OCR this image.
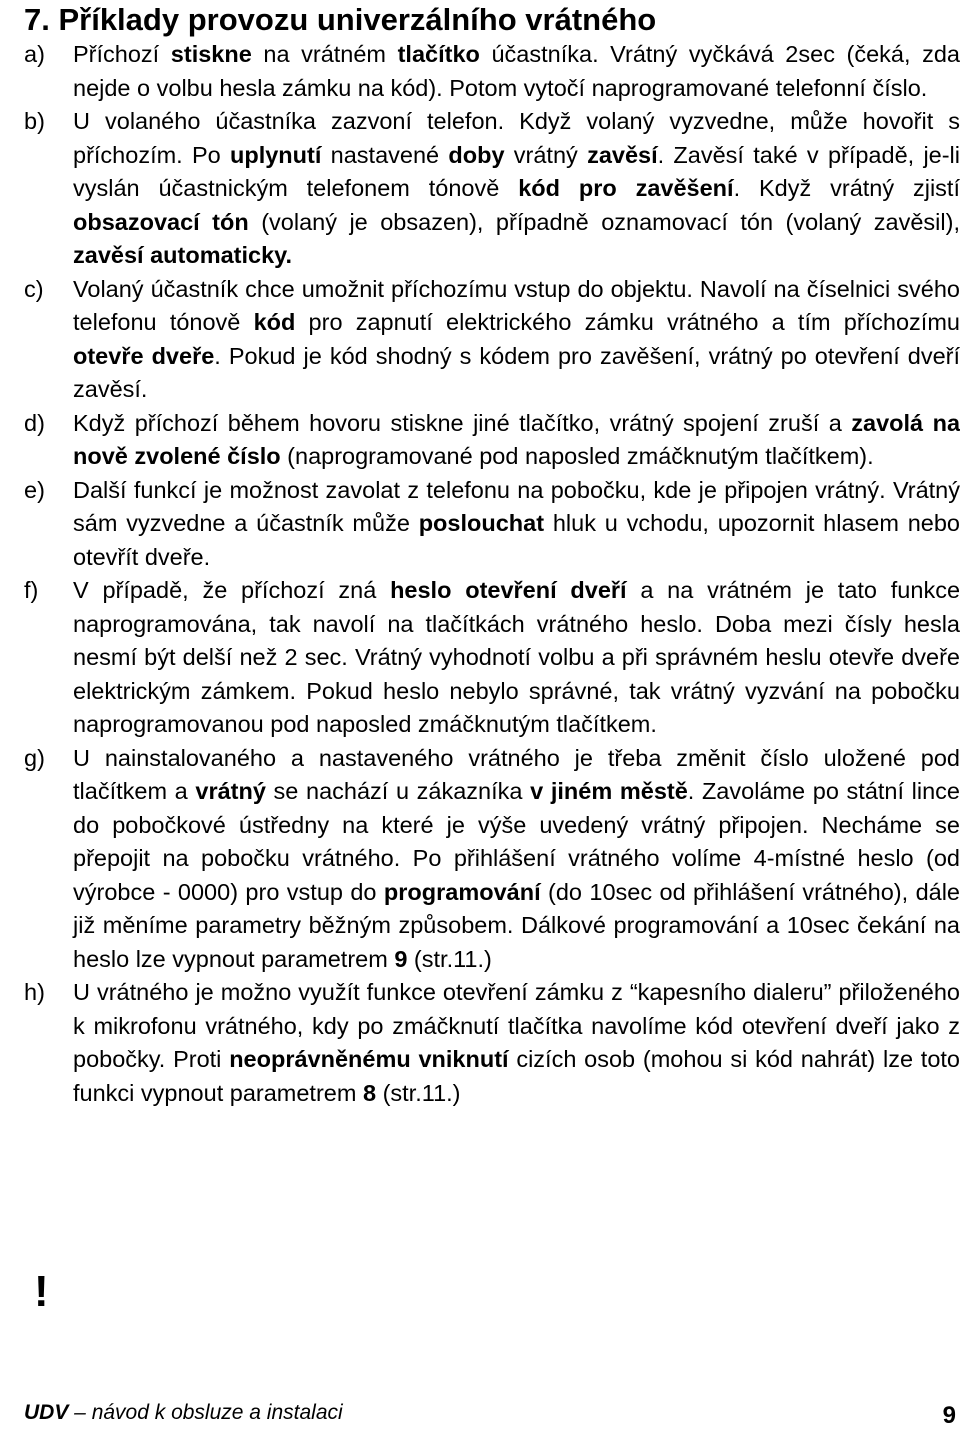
7. Příklady provozu univerzálního vrátného
a) Příchozí stiskne na vrátném tlačítko účastníka. Vrátný vyčkává 2sec (čeká, zda nejde o volbu hesla zámku na kód). Potom vytočí naprogramované telefonní číslo.
b) U volaného účastníka zazvoní telefon. Když volaný vyzvedne, může hovořit s příchozím. Po uplynutí nastavené doby vrátný zavěsí. Zavěsí také v případě, je-li vyslán účastnickým telefonem tónově kód pro zavěšení. Když vrátný zjistí obsazovací tón (volaný je obsazen), případně oznamovací tón (volaný zavěsil), zavěsí automaticky.
c) Volaný účastník chce umožnit příchozímu vstup do objektu. Navolí na číselnici svého telefonu tónově kód pro zapnutí elektrického zámku vrátného a tím příchozímu otevře dveře. Pokud je kód shodný s kódem pro zavěšení, vrátný po otevření dveří zavěsí.
d) Když příchozí během hovoru stiskne jiné tlačítko, vrátný spojení zruší a zavolá na nově zvolené číslo (naprogramované pod naposled zmáčknutým tlačítkem).
e) Další funkcí je možnost zavolat z telefonu na pobočku, kde je připojen vrátný. Vrátný sám vyzvedne a účastník může poslouchat hluk u vchodu, upozornit hlasem nebo otevřít dveře.
f) V případě, že příchozí zná heslo otevření dveří a na vrátném je tato funkce naprogramována, tak navolí na tlačítkách vrátného heslo. Doba mezi čísly hesla nesmí být delší než 2 sec. Vrátný vyhodnotí volbu a při správném heslu otevře dveře elektrickým zámkem. Pokud heslo nebylo správné, tak vrátný vyzvání na pobočku naprogramovanou pod naposled zmáčknutým tlačítkem.
g) U nainstalovaného a nastaveného vrátného je třeba změnit číslo uložené pod tlačítkem a vrátný se nachází u zákazníka v jiném městě. Zavoláme po státní lince do pobočkové ústředny na které je výše uvedený vrátný připojen. Necháme se přepojit na pobočku vrátného. Po přihlášení vrátného volíme 4-místné heslo (od výrobce - 0000) pro vstup do programování (do 10sec od přihlášení vrátného), dále již měníme parametry běžným způsobem. Dálkové programování a 10sec čekání na heslo lze vypnout parametrem 9 (str.11.)
h) U vrátného je možno využít funkce otevření zámku z “kapesního dialeru” přiloženého k mikrofonu vrátného, kdy po zmáčknutí tlačítka navolíme kód otevření dveří jako z pobočky. Proti neoprávněnému vniknutí cizích osob (mohou si kód nahrát) lze toto funkci vypnout parametrem 8 (str.11.)
!
UDV – návod k obsluze a instalaci	9
